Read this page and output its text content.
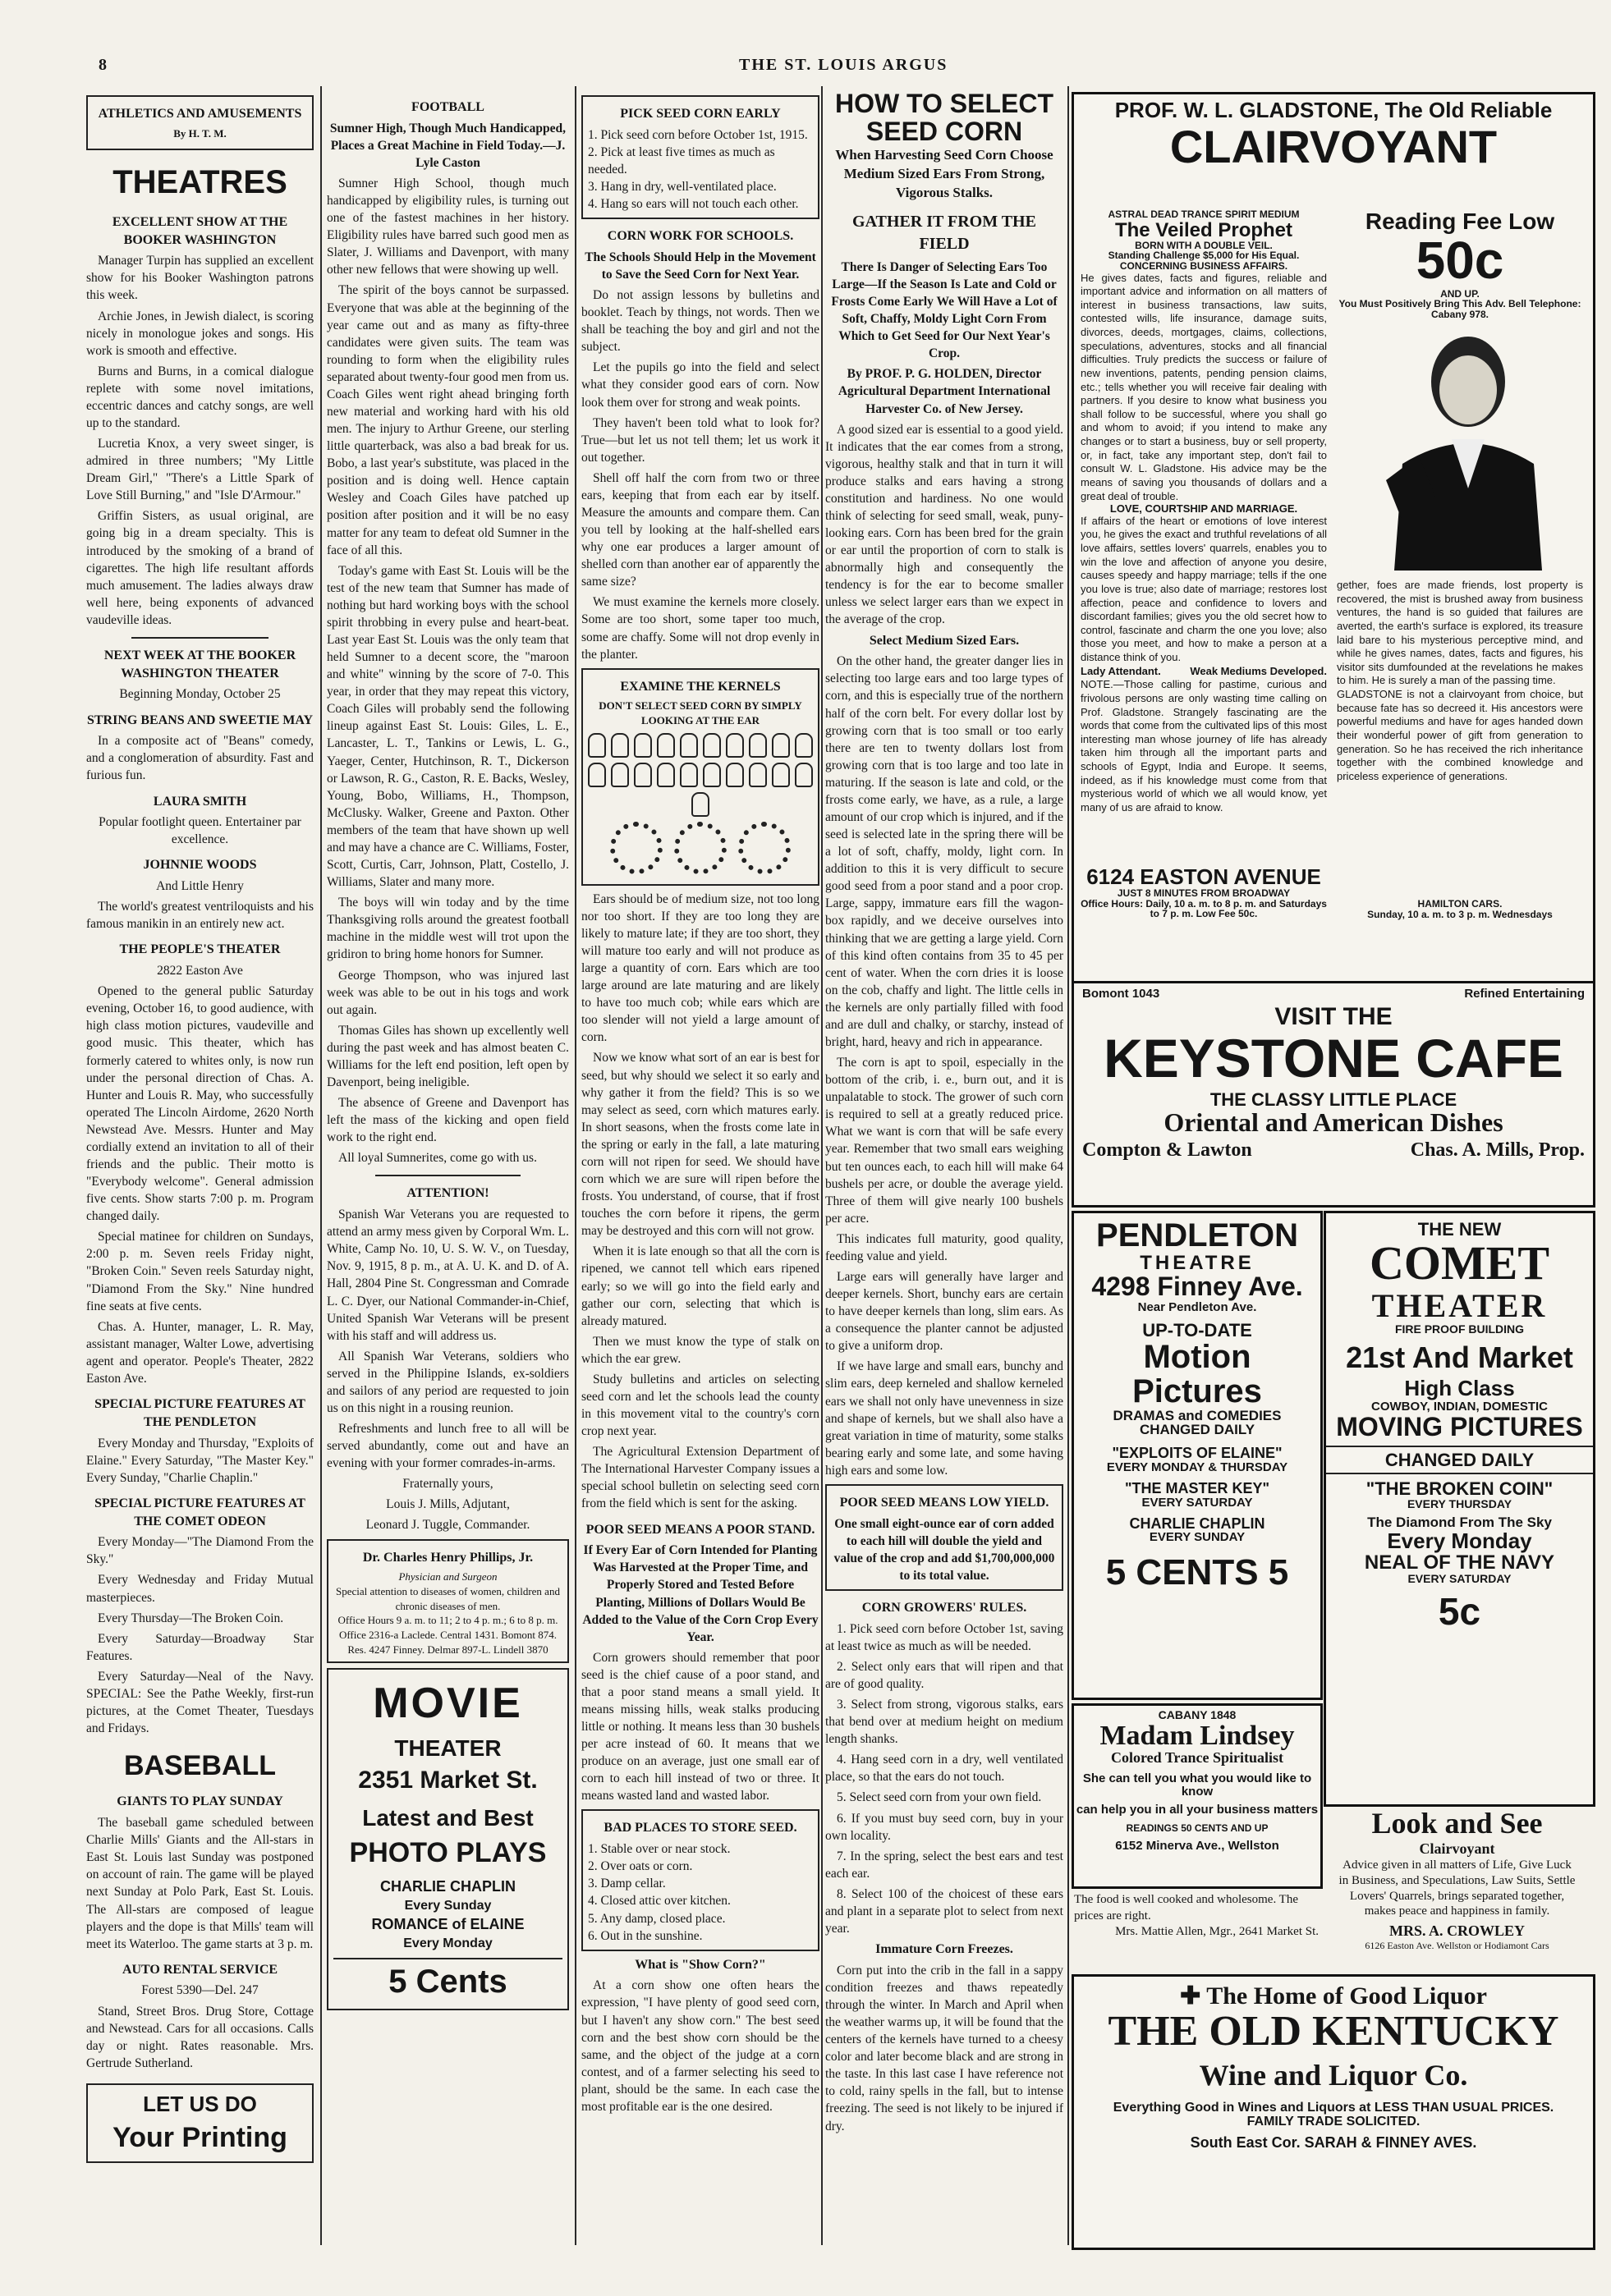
8	THE ST. LOUIS ARGUS
ATHLETICS AND AMUSEMENTS
By H. T. M.
THEATRES
EXCELLENT SHOW AT THE BOOKER WASHINGTON

Manager Turpin has supplied an excellent show for his Booker Washington patrons this week.

Archie Jones, in Jewish dialect, is scoring nicely in monologue jokes and songs. His work is smooth and effective.

Burns and Burns, in a comical dialogue replete with some novel imitations, eccentric dances and catchy songs, are well up to the standard.

Lucretia Knox, a very sweet singer, is admired in three numbers; "My Little Dream Girl," "There's a Little Spark of Love Still Burning," and "Isle D'Armour."

Griffin Sisters, as usual original, are going big in a dream specialty. This is introduced by the smoking of a brand of cigarettes. The high life resultant affords much amusement. The ladies always draw well here, being exponents of advanced vaudeville ideas.

NEXT WEEK AT THE BOOKER WASHINGTON THEATER

Beginning Monday, October 25

STRING BEANS AND SWEETIE MAY

In a composite act of "Beans" comedy, and a conglomeration of absurdity. Fast and furious fun.

LAURA SMITH

Popular footlight queen. Entertainer par excellence.

JOHNNIE WOODS

And Little Henry

The world's greatest ventriloquists and his famous manikin in an entirely new act.

THE PEOPLE'S THEATER

2822 Easton Ave

Opened to the general public Saturday evening, October 16, to good audience, with high class motion pictures, vaudeville and good music. This theater, which has formerly catered to whites only, is now run under the personal direction of Chas. A. Hunter and Louis R. May, who successfully operated The Lincoln Airdome, 2620 North Newstead Ave. Messrs. Hunter and May cordially extend an invitation to all of their friends and the public. Their motto is "Everybody welcome". General admission five cents. Show starts 7:00 p. m. Program changed daily.

Special matinee for children on Sundays, 2:00 p. m. Seven reels Friday night, "Broken Coin." Seven reels Saturday night, "Diamond From the Sky." Nine hundred fine seats at five cents.

Chas. A. Hunter, manager, L. R. May, assistant manager, Walter Lowe, advertising agent and operator. People's Theater, 2822 Easton Ave.

SPECIAL PICTURE FEATURES AT THE PENDLETON

Every Monday and Thursday, "Exploits of Elaine." Every Saturday, "The Master Key." Every Sunday, "Charlie Chaplin."

SPECIAL PICTURE FEATURES AT THE COMET ODEON

Every Monday—"The Diamond From the Sky."

Every Wednesday and Friday Mutual masterpieces.

Every Thursday—The Broken Coin.

Every Saturday—Broadway Star Features.

Every Saturday—Neal of the Navy. SPECIAL: See the Pathe Weekly, first-run pictures, at the Comet Theater, Tuesdays and Fridays.

BASEBALL
GIANTS TO PLAY SUNDAY

The baseball game scheduled between Charlie Mills' Giants and the All-stars in East St. Louis last Sunday was postponed on account of rain. The game will be played next Sunday at Polo Park, East St. Louis. The All-stars are composed of league players and the dope is that Mills' team will meet its Waterloo. The game starts at 3 p. m.

AUTO RENTAL SERVICE

Forest 5390—Del. 247

Stand, Street Bros. Drug Store, Cottage and Newstead. Cars for all occasions. Calls day or night. Rates reasonable. Mrs. Gertrude Sutherland.

LET US DO
Your Printing
FOOTBALL

Sumner High, Though Much Handicapped, Places a Great Machine in Field Today.—J. Lyle Caston

Sumner High School, though much handicapped by eligibility rules, is turning out one of the fastest machines in her history. Eligibility rules have barred such good men as Slater, J. Williams and Davenport, with many other new fellows that were showing up well.

The spirit of the boys cannot be surpassed. Everyone that was able at the beginning of the year came out and as many as fifty-three candidates were given suits. The team was rounding to form when the eligibility rules separated about twenty-four good men from us. Coach Giles went right ahead bringing forth new material and working hard with his old men. The injury to Arthur Greene, our sterling little quarterback, was also a bad break for us. Bobo, a last year's substitute, was placed in the position and is doing well. Hence captain Wesley and Coach Giles have patched up position after position and it will be no easy matter for any team to defeat old Sumner in the face of all this.

Today's game with East St. Louis will be the test of the new team that Sumner has made of nothing but hard working boys with the school spirit throbbing in every pulse and heart-beat. Last year East St. Louis was the only team that held Sumner to a decent score, the "maroon and white" winning by the score of 7-0. This year, in order that they may repeat this victory, Coach Giles will probably send the following lineup against East St. Louis: Giles, L. E., Lancaster, L. T., Tankins or Lewis, L. G., Yaeger, Center, Hutchinson, R. T., Dickerson or Lawson, R. G., Caston, R. E. Backs, Wesley, Young, Bobo, Williams, H., Thompson, McClusky. Walker, Greene and Paxton. Other members of the team that have shown up well and may have a chance are C. Williams, Foster, Scott, Curtis, Carr, Johnson, Platt, Costello, J. Williams, Slater and many more.

The boys will win today and by the time Thanksgiving rolls around the greatest football machine in the middle west will trot upon the gridiron to bring home honors for Sumner.

George Thompson, who was injured last week was able to be out in his togs and work out again.

Thomas Giles has shown up excellently well during the past week and has almost beaten C. Williams for the left end position, left open by Davenport, being ineligible.

The absence of Greene and Davenport has left the mass of the kicking and open field work to the right end.

All loyal Sumnerites, come go with us.

ATTENTION!

Spanish War Veterans you are requested to attend an army mess given by Corporal Wm. L. White, Camp No. 10, U. S. W. V., on Tuesday, Nov. 9, 1915, 8 p. m., at A. U. K. and D. of A. Hall, 2804 Pine St. Congressman and Comrade L. C. Dyer, our National Commander-in-Chief, United Spanish War Veterans will be present with his staff and will address us.

All Spanish War Veterans, soldiers who served in the Philippine Islands, ex-soldiers and sailors of any period are requested to join us on this night in a rousing reunion.

Refreshments and lunch free to all will be served abundantly, come out and have an evening with your former comrades-in-arms.

Fraternally yours,

Louis J. Mills, Adjutant,

Leonard J. Tuggle, Commander.

Dr. Charles Henry Phillips, Jr.
Physician and Surgeon
Special attention to diseases of women, children and chronic diseases of men.
Office Hours 9 a. m. to 11; 2 to 4 p. m.; 6 to 8 p. m. Office 2316-a Laclede. Central 1431. Bomont 874. Res. 4247 Finney. Delmar 897-L. Lindell 3870
MOVIE
THEATER
2351 Market St.
Latest and Best
PHOTO PLAYS
CHARLIE CHAPLIN
Every Sunday
ROMANCE of ELAINE
Every Monday
5 Cents
PICK SEED CORN EARLY
1. Pick seed corn before October 1st, 1915.
2. Pick at least five times as much as needed.
3. Hang in dry, well-ventilated place.
4. Hang so ears will not touch each other.
CORN WORK FOR SCHOOLS.

The Schools Should Help in the Movement to Save the Seed Corn for Next Year.

Do not assign lessons by bulletins and booklet. Teach by things, not words. Then we shall be teaching the boy and girl and not the subject.

Let the pupils go into the field and select what they consider good ears of corn. Now look them over for strong and weak points.

They haven't been told what to look for? True—but let us not tell them; let us work it out together.

Shell off half the corn from two or three ears, keeping that from each ear by itself. Measure the amounts and compare them. Can you tell by looking at the half-shelled ears why one ear produces a larger amount of shelled corn than another ear of apparently the same size?

We must examine the kernels more closely. Some are too short, some taper too much, some are chaffy. Some will not drop evenly in the planter.

EXAMINE THE KERNELS
DON'T SELECT SEED CORN BY SIMPLY LOOKING AT THE EAR

Ears should be of medium size, not too long nor too short. If they are too long they are likely to mature late; if they are too short, they will mature too early and will not produce as large a quantity of corn. Ears which are too large around are late maturing and are likely to have too much cob; while ears which are too slender will not yield a large amount of corn.

Now we know what sort of an ear is best for seed, but why should we select it so early and why gather it from the field? This is so we may select as seed, corn which matures early. In short seasons, when the frosts come late in the spring or early in the fall, a late maturing corn will not ripen for seed. We should have corn which we are sure will ripen before the frosts. You understand, of course, that if frost touches the corn before it ripens, the germ may be destroyed and this corn will not grow.

When it is late enough so that all the corn is ripened, we cannot tell which ears ripened early; so we will go into the field early and gather our corn, selecting that which is already matured.

Then we must know the type of stalk on which the ear grew.

Study bulletins and articles on selecting seed corn and let the schools lead the county in this movement vital to the country's corn crop next year.

The Agricultural Extension Department of The International Harvester Company issues a special school bulletin on selecting seed corn from the field which is sent for the asking.

POOR SEED MEANS A POOR STAND.

If Every Ear of Corn Intended for Planting Was Harvested at the Proper Time, and Properly Stored and Tested Before Planting, Millions of Dollars Would Be Added to the Value of the Corn Crop Every Year.

Corn growers should remember that poor seed is the chief cause of a poor stand, and that a poor stand means a small yield. It means missing hills, weak stalks producing little or nothing. It means less than 30 bushels per acre instead of 60. It means that we produce on an average, just one small ear of corn to each hill instead of two or three. It means wasted land and wasted labor.

BAD PLACES TO STORE SEED.
1. Stable over or near stock.
2. Over oats or corn.
3. Damp cellar.
4. Closed attic over kitchen.
5. Any damp, closed place.
6. Out in the sunshine.
What is "Show Corn?"

At a corn show one often hears the expression, "I have plenty of good seed corn, but I haven't any show corn." The best seed corn and the best show corn should be the same, and the object of the judge at a corn contest, and of a farmer selecting his seed to plant, should be the same. In each case the most profitable ear is the one desired.

HOW TO SELECT
SEED CORN

When Harvesting Seed Corn Choose Medium Sized Ears From Strong, Vigorous Stalks.

GATHER IT FROM THE FIELD

There Is Danger of Selecting Ears Too Large—If the Season Is Late and Cold or Frosts Come Early We Will Have a Lot of Soft, Chaffy, Moldy Light Corn From Which to Get Seed for Our Next Year's Crop.

By PROF. P. G. HOLDEN, Director Agricultural Department International Harvester Co. of New Jersey.

A good sized ear is essential to a good yield. It indicates that the ear comes from a strong, vigorous, healthy stalk and that in turn it will produce stalks and ears having a strong constitution and hardiness. No one would think of selecting for seed small, weak, puny-looking ears. Corn has been bred for the grain or ear until the proportion of corn to stalk is abnormally high and consequently the tendency is for the ear to become smaller unless we select larger ears than we expect in the average of the crop.

Select Medium Sized Ears.

On the other hand, the greater danger lies in selecting too large ears and too large types of corn, and this is especially true of the northern half of the corn belt. For every dollar lost by growing corn that is too small or too early there are ten to twenty dollars lost from growing corn that is too large and too late in maturing. If the season is late and cold, or the frosts come early, we have, as a rule, a large amount of our crop which is injured, and if the seed is selected late in the spring there will be a lot of soft, chaffy, moldy, light corn. In addition to this it is very difficult to secure good seed from a poor stand and a poor crop. Large, sappy, immature ears fill the wagon-box rapidly, and we deceive ourselves into thinking that we are getting a large yield. Corn of this kind often contains from 35 to 45 per cent of water. When the corn dries it is loose on the cob, chaffy and light. The little cells in the kernels are only partially filled with food and are dull and chalky, or starchy, instead of bright, hard, heavy and rich in appearance.

The corn is apt to spoil, especially in the bottom of the crib, i. e., burn out, and it is unpalatable to stock. The grower of such corn is required to sell at a greatly reduced price. What we want is corn that will be safe every year. Remember that two small ears weighing but ten ounces each, to each hill will make 64 bushels per acre, or double the average yield. Three of them will give nearly 100 bushels per acre.

This indicates full maturity, good quality, feeding value and yield.

Large ears will generally have larger and deeper kernels. Short, bunchy ears are certain to have deeper kernels than long, slim ears. As a consequence the planter cannot be adjusted to give a uniform drop.

If we have large and small ears, bunchy and slim ears, deep kerneled and shallow kerneled ears we shall not only have unevenness in size and shape of kernels, but we shall also have a great variation in time of maturity, some stalks bearing early and some late, and some having high ears and some low.

POOR SEED MEANS LOW YIELD.
One small eight-ounce ear of corn added to each hill will double the yield and value of the crop and add $1,700,000,000 to its total value.
CORN GROWERS' RULES.

1. Pick seed corn before October 1st, saving at least twice as much as will be needed.

2. Select only ears that will ripen and that are of good quality.

3. Select from strong, vigorous stalks, ears that bend over at medium height on medium length shanks.

4. Hang seed corn in a dry, well ventilated place, so that the ears do not touch.

5. Select seed corn from your own field.

6. If you must buy seed corn, buy in your own locality.

7. In the spring, select the best ears and test each ear.

8. Select 100 of the choicest of these ears and plant in a separate plot to select from next year.

Immature Corn Freezes.

Corn put into the crib in the fall in a sappy condition freezes and thaws repeatedly through the winter. In March and April when the weather warms up, it will be found that the centers of the kernels have turned to a cheesy color and later become black and are strong in the taste. In this last case I have reference not to cold, rainy spells in the fall, but to intense freezing. The seed is not likely to be injured if dry.

PROF. W. L. GLADSTONE, The Old Reliable
CLAIRVOYANT
ASTRAL DEAD TRANCE SPIRIT MEDIUM
The Veiled Prophet
BORN WITH A DOUBLE VEIL.
Standing Challenge $5,000 for His Equal. CONCERNING BUSINESS AFFAIRS.
He gives dates, facts and figures, reliable and important advice and information on all matters of interest in business transactions, law suits, contested wills, life insurance, damage suits, divorces, deeds, mortgages, claims, collections, speculations, adventures, stocks and all financial difficulties. Truly predicts the success or failure of new inventions, patents, pending pension claims, etc.; tells whether you will receive fair dealing with partners. If you desire to know what business you shall follow to be successful, where you shall go and whom to avoid; if you intend to make any changes or to start a business, buy or sell property, or, in fact, take any important step, don't fail to consult W. L. Gladstone. His advice may be the means of saving you thousands of dollars and a great deal of trouble.
LOVE, COURTSHIP AND MARRIAGE.
If affairs of the heart or emotions of love interest you, he gives the exact and truthful revelations of all love affairs, settles lovers' quarrels, enables you to win the love and affection of anyone you desire, causes speedy and happy marriage; tells if the one you love is true; also date of marriage; restores lost affection, peace and confidence to lovers and discordant families; gives you the old secret how to control, fascinate and charm the one you love; also those you meet, and how to make a person at a distance think of you.
Lady Attendant.	Weak Mediums Developed.
NOTE.—Those calling for pastime, curious and frivolous persons are only wasting time calling on Prof. Gladstone. Strangely fascinating are the words that come from the cultivated lips of this most interesting man whose journey of life has already taken him through all the important parts and schools of Egypt, India and Europe. It seems, indeed, as if his knowledge must come from that mysterious world of which we all would know, yet many of us are afraid to know.
Reading Fee Low
50c
AND UP.
You Must Positively Bring This Adv. Bell Telephone: Cabany 978.
gether, foes are made friends, lost property is recovered, the mist is brushed away from business ventures, the hand is so guided that failures are averted, the earth's surface is explored, its treasure laid bare to his mysterious perceptive mind, and while he gives names, dates, facts and figures, his visitor sits dumfounded at the revelations he makes to him. He is surely a man of the passing time.
GLADSTONE is not a clairvoyant from choice, but because fate has so decreed it. His ancestors were powerful mediums and have for ages handed down their wonderful power of gift from generation to generation. So he has received the rich inheritance together with the combined knowledge and priceless experience of generations.
6124 EASTON AVENUE
JUST 8 MINUTES FROM BROADWAY
Office Hours: Daily, 10 a. m. to 8 p. m. and Saturdays to 7 p. m. Low Fee 50c.
HAMILTON CARS.
Sunday, 10 a. m. to 3 p. m. Wednesdays
Bomont 1043	Refined Entertaining
VISIT THE
KEYSTONE CAFE
THE CLASSY LITTLE PLACE
Oriental and American Dishes
Compton & Lawton	Chas. A. Mills, Prop.
PENDLETON
THEATRE
4298 Finney Ave.
Near Pendleton Ave.
UP-TO-DATE
Motion Pictures
DRAMAS and COMEDIES
CHANGED DAILY
"EXPLOITS OF ELAINE"
EVERY MONDAY & THURSDAY
"THE MASTER KEY"
EVERY SATURDAY
CHARLIE CHAPLIN
EVERY SUNDAY
5 CENTS 5
THE NEW
COMET
THEATER
FIRE PROOF BUILDING
21st And Market
High Class
COWBOY, INDIAN, DOMESTIC
MOVING PICTURES
CHANGED DAILY
"THE BROKEN COIN"
EVERY THURSDAY
The Diamond From The Sky
Every Monday
NEAL OF THE NAVY
EVERY SATURDAY
5c
CABANY 1848
Madam Lindsey
Colored Trance Spiritualist
She can tell you what you would like to know
can help you in all your business matters
READINGS 50 CENTS AND UP
6152 Minerva Ave., Wellston
The food is well cooked and wholesome. The prices are right.
Mrs. Mattie Allen, Mgr., 2641 Market St.
Look and See
Clairvoyant
Advice given in all matters of Life, Give Luck in Business, and Speculations, Law Suits, Settle Lovers' Quarrels, brings separated together, makes peace and happiness in family.
MRS. A. CROWLEY
6126 Easton Ave. Wellston or Hodiamont Cars
✚ The Home of Good Liquor
THE OLD KENTUCKY
Wine and Liquor Co.
Everything Good in Wines and Liquors at LESS THAN USUAL PRICES. FAMILY TRADE SOLICITED.
South East Cor. SARAH & FINNEY AVES.
